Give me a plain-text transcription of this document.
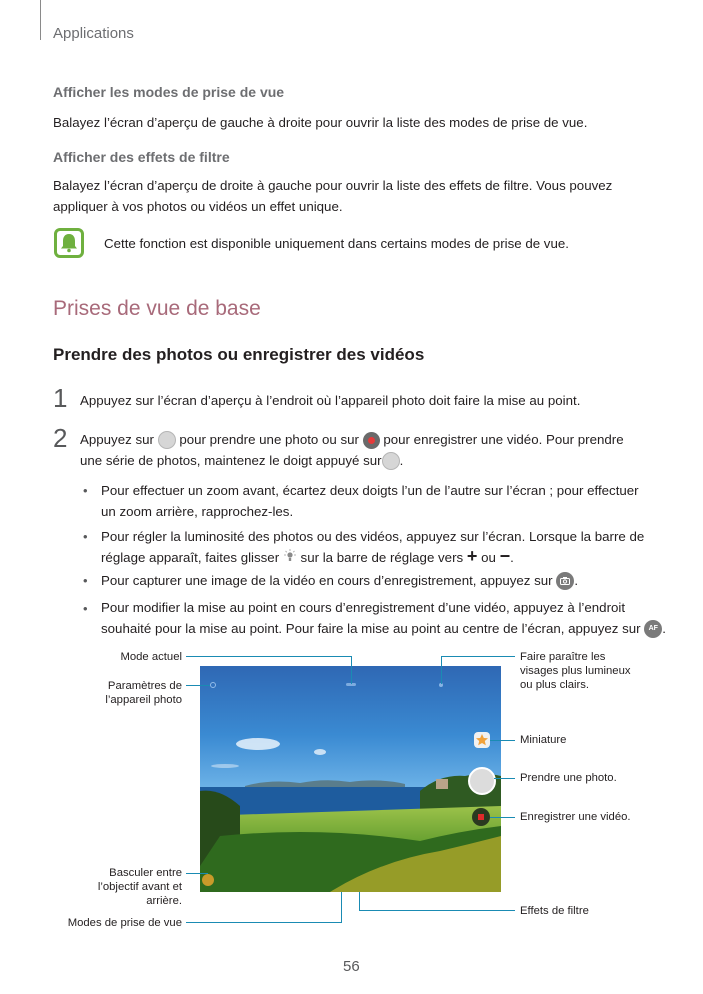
Applications
Afficher les modes de prise de vue
Balayez l’écran d’aperçu de gauche à droite pour ouvrir la liste des modes de prise de vue.
Afficher des effets de filtre
Balayez l’écran d’aperçu de droite à gauche pour ouvrir la liste des effets de filtre. Vous pouvez
appliquer à vos photos ou vidéos un effet unique.
Cette fonction est disponible uniquement dans certains modes de prise de vue.
Prises de vue de base
Prendre des photos ou enregistrer des vidéos
1 Appuyez sur l’écran d’aperçu à l’endroit où l’appareil photo doit faire la mise au point.
2 Appuyez sur pour prendre une photo ou sur pour enregistrer une vidéo. Pour prendre
une série de photos, maintenez le doigt appuyé sur .
• Pour effectuer un zoom avant, écartez deux doigts l’un de l’autre sur l’écran ; pour effectuer
un zoom arrière, rapprochez-les.
• Pour régler la luminosité des photos ou des vidéos, appuyez sur l’écran. Lorsque la barre de
réglage apparaît, faites glisser sur la barre de réglage vers + ou −.
• Pour capturer une image de la vidéo en cours d’enregistrement, appuyez sur .
• Pour modifier la mise au point en cours d’enregistrement d’une vidéo, appuyez à l’endroit
souhaité pour la mise au point. Pour faire la mise au point au centre de l’écran, appuyez sur AF .
Mode actuel
Paramètres de
l’appareil photo
Basculer entre
l’objectif avant et
arrière.
Modes de prise de vue
Faire paraître les
visages plus lumineux
ou plus clairs.
Miniature
Prendre une photo.
Enregistrer une vidéo.
Effets de filtre
56
